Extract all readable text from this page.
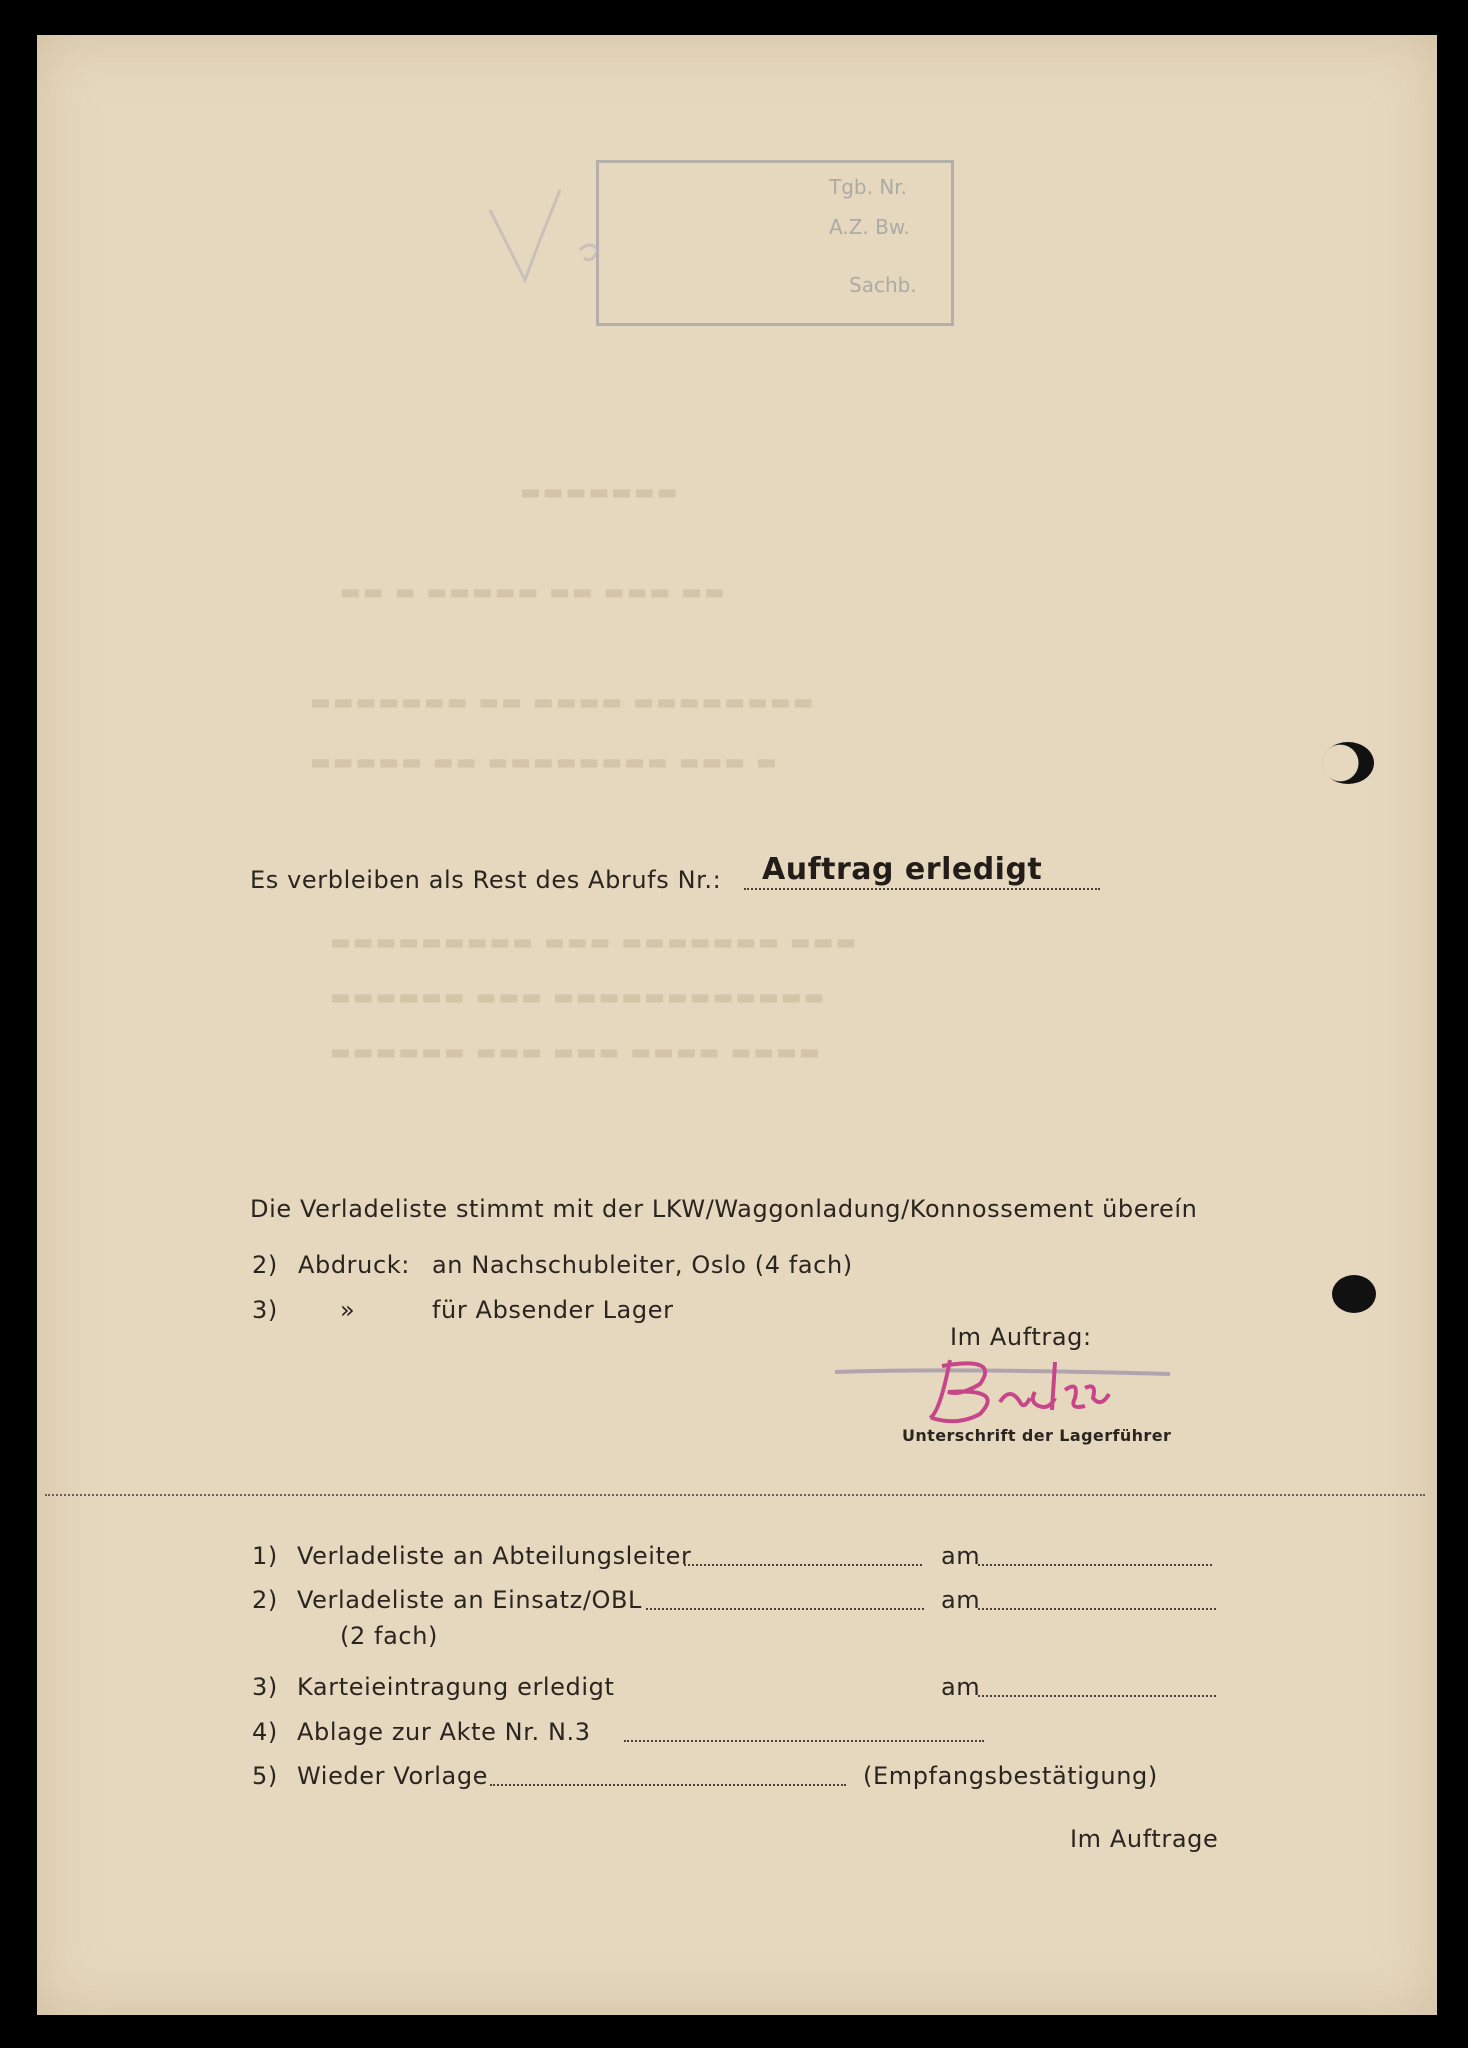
▬▬▬▬▬▬▬
▬▬ ▬ ▬▬▬▬▬ ▬▬ ▬▬▬ ▬▬
▬▬▬▬▬▬▬ ▬▬ ▬▬▬▬ ▬▬▬▬▬▬▬▬
▬▬▬▬▬ ▬▬ ▬▬▬▬▬▬▬▬ ▬▬▬ ▬
▬▬▬▬▬▬▬▬▬ ▬▬▬ ▬▬▬▬▬▬▬ ▬▬▬
▬▬▬▬▬▬ ▬▬▬ ▬▬▬▬▬▬▬▬▬▬▬▬
▬▬▬▬▬▬ ▬▬▬ ▬▬▬ ▬▬▬▬ ▬▬▬▬
Tgb. Nr.
A.Z. Bw.
Sachb.
Es verbleiben als Rest des Abrufs Nr.: Auftrag erledigt
Die Verladeliste stimmt mit der LKW/Waggonladung/Konnossement übereín
2) Abdruck: an Nachschubleiter, Oslo (4 fach)
3)	»	für Absender Lager
Im Auftrag:
Unterschrift der Lagerführer
1) Verladeliste an Abteilungsleiter	am
2) Verladeliste an Einsatz/OBL	am
(2 fach)
3) Karteieintragung erledigt	am
4) Ablage zur Akte Nr. N.3
5) Wieder Vorlage	(Empfangsbestätigung)
Im Auftrage
